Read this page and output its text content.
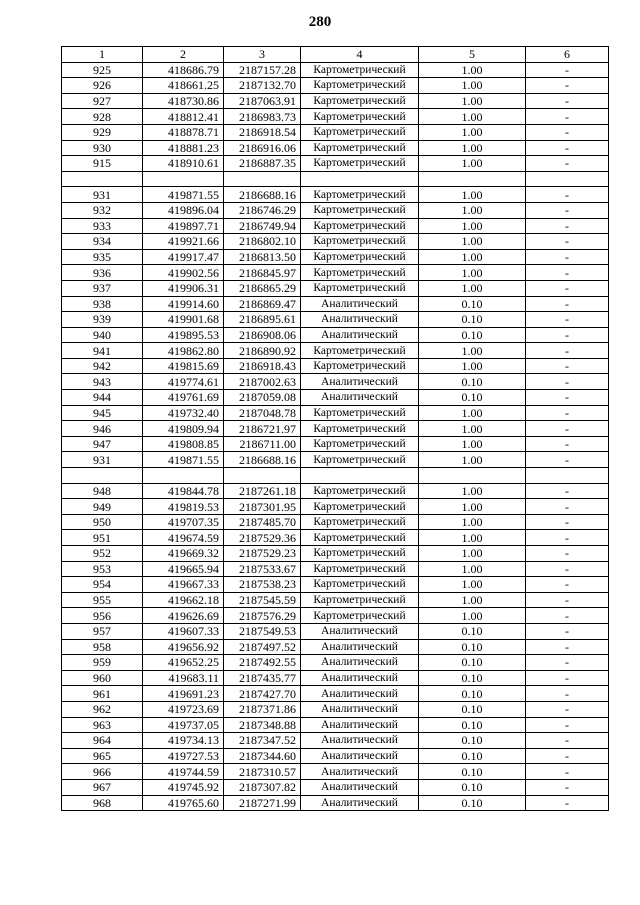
280
1	2	3	4	5	6
925	418686.79	2187157.28	Картометрический	1.00	-
926	418661.25	2187132.70	Картометрический	1.00	-
927	418730.86	2187063.91	Картометрический	1.00	-
928	418812.41	2186983.73	Картометрический	1.00	-
929	418878.71	2186918.54	Картометрический	1.00	-
930	418881.23	2186916.06	Картометрический	1.00	-
915	418910.61	2186887.35	Картометрический	1.00	-

931	419871.55	2186688.16	Картометрический	1.00	-
932	419896.04	2186746.29	Картометрический	1.00	-
933	419897.71	2186749.94	Картометрический	1.00	-
934	419921.66	2186802.10	Картометрический	1.00	-
935	419917.47	2186813.50	Картометрический	1.00	-
936	419902.56	2186845.97	Картометрический	1.00	-
937	419906.31	2186865.29	Картометрический	1.00	-
938	419914.60	2186869.47	Аналитический	0.10	-
939	419901.68	2186895.61	Аналитический	0.10	-
940	419895.53	2186908.06	Аналитический	0.10	-
941	419862.80	2186890.92	Картометрический	1.00	-
942	419815.69	2186918.43	Картометрический	1.00	-
943	419774.61	2187002.63	Аналитический	0.10	-
944	419761.69	2187059.08	Аналитический	0.10	-
945	419732.40	2187048.78	Картометрический	1.00	-
946	419809.94	2186721.97	Картометрический	1.00	-
947	419808.85	2186711.00	Картометрический	1.00	-
931	419871.55	2186688.16	Картометрический	1.00	-

948	419844.78	2187261.18	Картометрический	1.00	-
949	419819.53	2187301.95	Картометрический	1.00	-
950	419707.35	2187485.70	Картометрический	1.00	-
951	419674.59	2187529.36	Картометрический	1.00	-
952	419669.32	2187529.23	Картометрический	1.00	-
953	419665.94	2187533.67	Картометрический	1.00	-
954	419667.33	2187538.23	Картометрический	1.00	-
955	419662.18	2187545.59	Картометрический	1.00	-
956	419626.69	2187576.29	Картометрический	1.00	-
957	419607.33	2187549.53	Аналитический	0.10	-
958	419656.92	2187497.52	Аналитический	0.10	-
959	419652.25	2187492.55	Аналитический	0.10	-
960	419683.11	2187435.77	Аналитический	0.10	-
961	419691.23	2187427.70	Аналитический	0.10	-
962	419723.69	2187371.86	Аналитический	0.10	-
963	419737.05	2187348.88	Аналитический	0.10	-
964	419734.13	2187347.52	Аналитический	0.10	-
965	419727.53	2187344.60	Аналитический	0.10	-
966	419744.59	2187310.57	Аналитический	0.10	-
967	419745.92	2187307.82	Аналитический	0.10	-
968	419765.60	2187271.99	Аналитический	0.10	-
